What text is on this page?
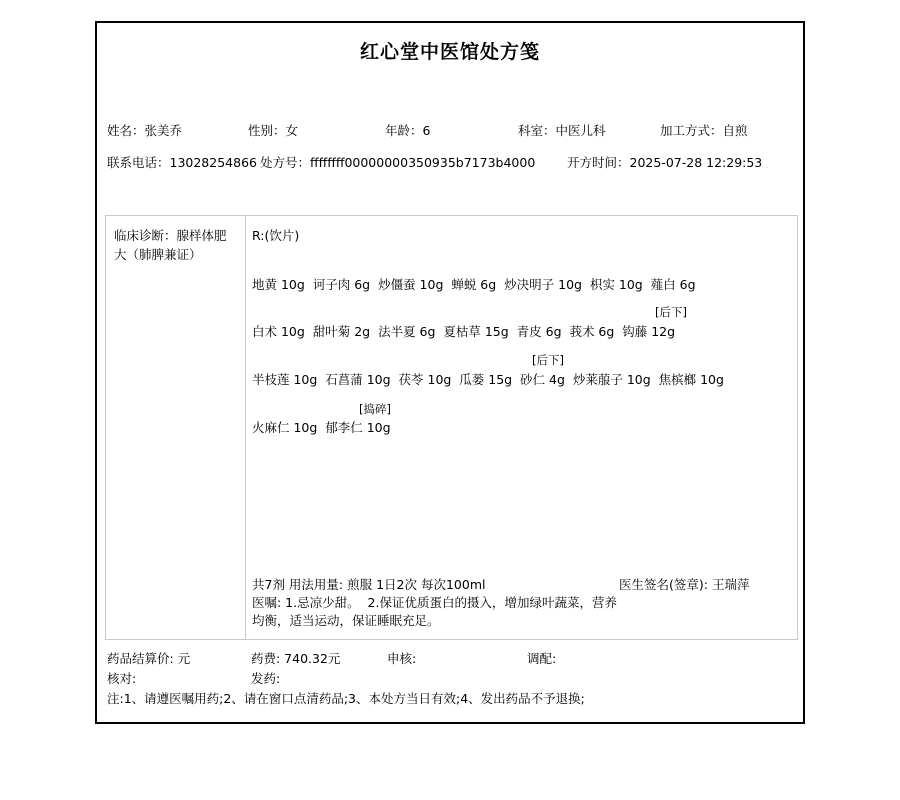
红心堂中医馆处方笺
姓名：张美乔	性别：女	年龄：6	科室：中医儿科	加工方式：自煎
联系电话：13028254866 处方号：ffffffff00000000350935b7173b4000	开方时间：2025-07-28 12:29:53
临床诊断：腺样体肥大（肺脾兼证）
R:(饮片)
地黄 10g  诃子肉 6g  炒僵蚕 10g  蝉蜕 6g  炒决明子 10g  枳实 10g  薤白 6g
[后下]
白术 10g  甜叶菊 2g  法半夏 6g  夏枯草 15g  青皮 6g  莪术 6g  钩藤 12g
[后下]
半枝莲 10g  石菖蒲 10g  茯苓 10g  瓜蒌 15g  砂仁 4g  炒莱菔子 10g  焦槟榔 10g
[捣碎]
火麻仁 10g  郁李仁 10g
共7剂 用法用量: 煎服 1日2次 每次100ml	医生签名(签章): 王瑞萍
医嘱: 1.忌凉少甜。  2.保证优质蛋白的摄入，增加绿叶蔬菜，营养
均衡，适当运动，保证睡眠充足。
药品结算价: 元	药费: 740.32元	申核:	调配:
核对:	发药:
注:1、请遵医嘱用药;2、请在窗口点清药品;3、本处方当日有效;4、发出药品不予退换;
